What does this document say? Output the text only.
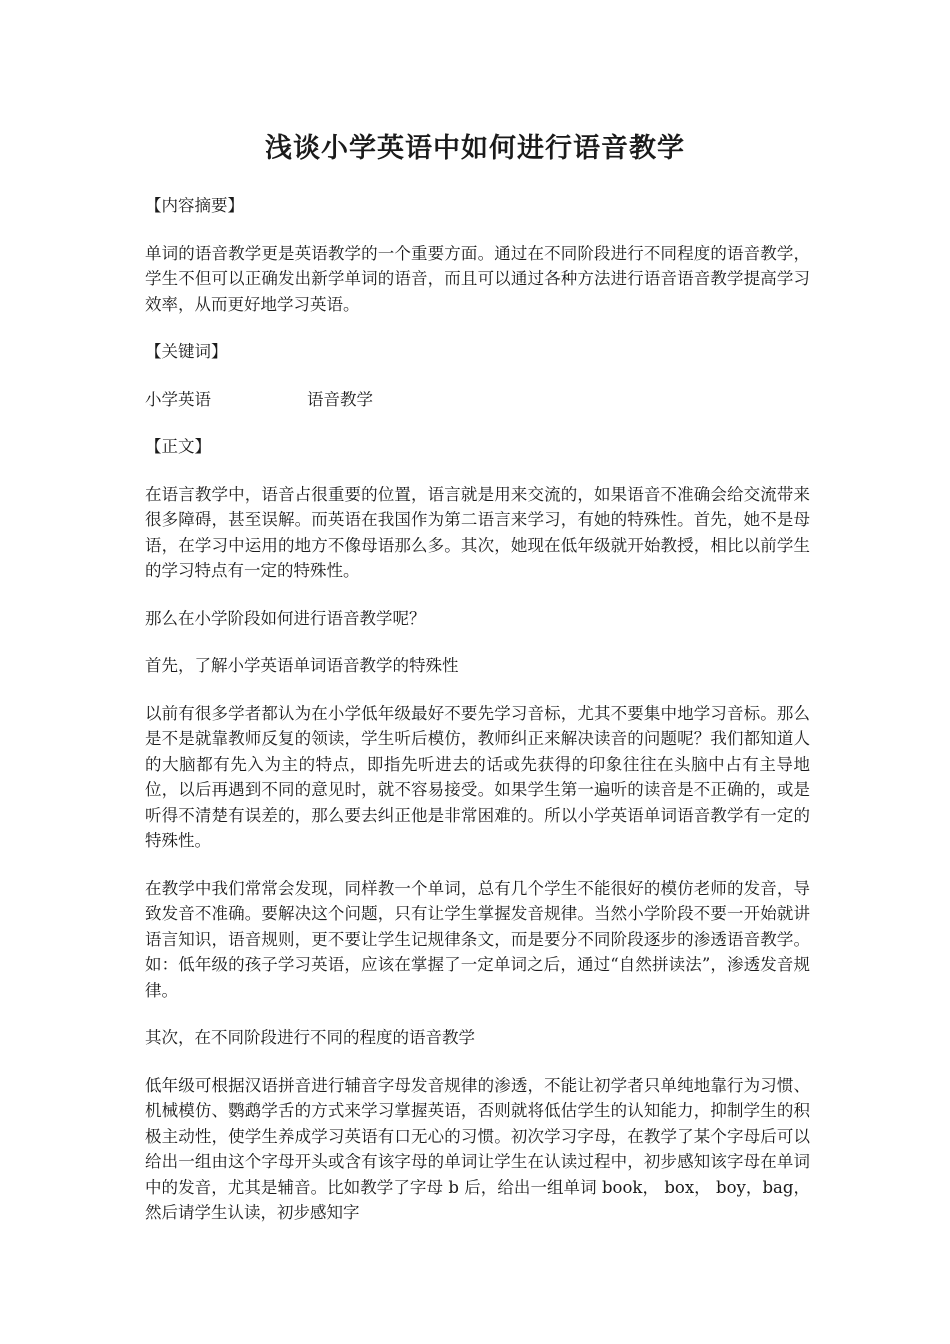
浅谈小学英语中如何进行语音教学

【内容摘要】

单词的语音教学更是英语教学的一个重要方面。通过在不同阶段进行不同程度的语音教学，学生不但可以正确发出新学单词的语音，而且可以通过各种方法进行语音语音教学提高学习效率，从而更好地学习英语。

【关键词】

小学英语	语音教学

【正文】

在语言教学中，语音占很重要的位置，语言就是用来交流的，如果语音不准确会给交流带来很多障碍，甚至误解。而英语在我国作为第二语言来学习，有她的特殊性。首先，她不是母语，在学习中运用的地方不像母语那么多。其次，她现在低年级就开始教授，相比以前学生的学习特点有一定的特殊性。

那么在小学阶段如何进行语音教学呢？

首先，了解小学英语单词语音教学的特殊性

以前有很多学者都认为在小学低年级最好不要先学习音标，尤其不要集中地学习音标。那么是不是就靠教师反复的领读，学生听后模仿，教师纠正来解决读音的问题呢？我们都知道人的大脑都有先入为主的特点，即指先听进去的话或先获得的印象往往在头脑中占有主导地位，以后再遇到不同的意见时，就不容易接受。如果学生第一遍听的读音是不正确的，或是听得不清楚有误差的，那么要去纠正他是非常困难的。所以小学英语单词语音教学有一定的特殊性。

在教学中我们常常会发现，同样教一个单词，总有几个学生不能很好的模仿老师的发音，导致发音不准确。要解决这个问题，只有让学生掌握发音规律。当然小学阶段不要一开始就讲语言知识，语音规则，更不要让学生记规律条文，而是要分不同阶段逐步的渗透语音教学。如：低年级的孩子学习英语，应该在掌握了一定单词之后，通过“自然拼读法”，渗透发音规律。

其次，在不同阶段进行不同的程度的语音教学

低年级可根据汉语拼音进行辅音字母发音规律的渗透，不能让初学者只单纯地靠行为习惯、机械模仿、鹦鹉学舌的方式来学习掌握英语，否则就将低估学生的认知能力，抑制学生的积极主动性，使学生养成学习英语有口无心的习惯。初次学习字母，在教学了某个字母后可以给出一组由这个字母开头或含有该字母的单词让学生在认读过程中，初步感知该字母在单词中的发音，尤其是辅音。比如教学了字母 b 后，给出一组单词 book， box， boy，bag，然后请学生认读，初步感知字
